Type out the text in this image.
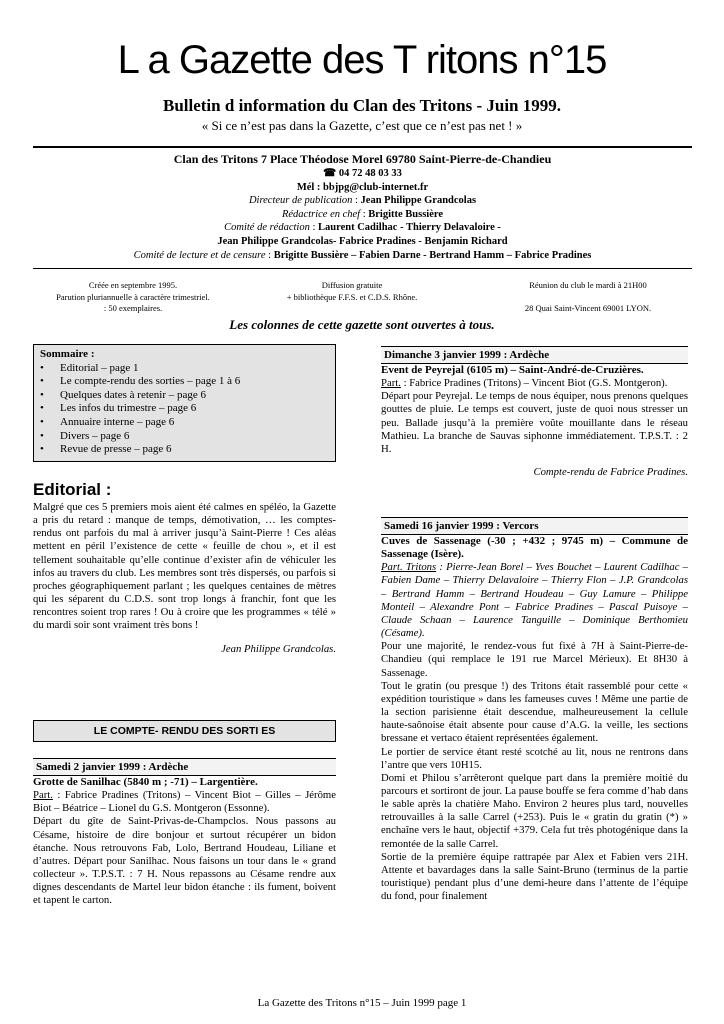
L a Gazette des T ritons n°15
Bulletin d information du Clan des Tritons - Juin 1999.
« Si ce n’est pas dans la Gazette, c’est que ce n’est pas net ! »
Clan des Tritons 7 Place Théodose Morel 69780 Saint-Pierre-de-Chandieu
☎ 04 72 48 03 33
Mél : bbjpg@club-internet.fr
Directeur de publication : Jean Philippe Grandcolas
Rédactrice en chef : Brigitte Bussière
Comité de rédaction : Laurent Cadilhac - Thierry Delavaloire -
Jean Philippe Grandcolas- Fabrice Pradines - Benjamin Richard
Comité de lecture et de censure : Brigitte Bussière – Fabien Darne - Bertrand Hamm – Fabrice Pradines
Créée en septembre 1995.
Parution pluriannuelle à caractère trimestriel.
: 50 exemplaires.
Diffusion gratuite
+ bibliothèque F.F.S. et C.D.S. Rhône.
Réunion du club le mardi à 21H00
28 Quai Saint-Vincent 69001 LYON.
Les colonnes de cette gazette sont ouvertes à tous.
Sommaire :
• Editorial – page 1
• Le compte-rendu des sorties – page 1 à 6
• Quelques dates à retenir – page 6
• Les infos du trimestre – page 6
• Annuaire interne – page 6
• Divers – page 6
• Revue de presse – page 6
Editorial :

Malgré que ces 5 premiers mois aient été calmes en spéléo, la Gazette a pris du retard : manque de temps, démotivation, … les comptes-rendus ont parfois du mal à arriver jusqu’à Saint-Pierre ! Ces aléas mettent en péril l’existence de cette « feuille de chou », et il est tellement souhaitable qu’elle continue d’exister afin de véhiculer les infos au travers du club. Les membres sont très dispersés, ou parfois si proches géographiquement parlant ; les quelques centaines de mètres qui les séparent du C.D.S. sont trop longs à franchir, font que les rencontres soient trop rares ! Ou à croire que les programmes « télé » du mardi soir sont vraiment très bons !

Jean Philippe Grandcolas.

LE COMPTE- RENDU DES SORTI ES
Samedi 2 janvier 1999 : Ardèche
Grotte de Sanilhac (5840 m ; -71) – Largentière.

Part. : Fabrice Pradines (Tritons) – Vincent Biot – Gilles – Jérôme Biot – Béatrice – Lionel du G.S. Montgeron (Essonne).

Départ du gîte de Saint-Privas-de-Champclos. Nous passons au Césame, histoire de dire bonjour et surtout récupérer un bidon étanche. Nous retrouvons Fab, Lolo, Bertrand Houdeau, Liliane et d’autres. Départ pour Sanilhac. Nous faisons un tour dans le « grand collecteur ». T.P.S.T. : 7 H. Nous repassons au Césame rendre aux dignes descendants de Martel leur bidon étanche : ils fument, boivent et tapent le carton.

Dimanche 3 janvier 1999 : Ardèche
Event de Peyrejal (6105 m) – Saint-André-de-Cruzières.

Part. : Fabrice Pradines (Tritons) – Vincent Biot (G.S. Montgeron).

Départ pour Peyrejal. Le temps de nous équiper, nous prenons quelques gouttes de pluie. Le temps est couvert, juste de quoi nous stresser un peu. Ballade jusqu’à la première voûte mouillante dans le réseau Mathieu. La branche de Sauvas siphonne immédiatement. T.P.S.T. : 2 H.

Compte-rendu de Fabrice Pradines.

Samedi 16 janvier 1999 : Vercors
Cuves de Sassenage (-30 ; +432 ; 9745 m) – Commune de Sassenage (Isère).

Part. Tritons : Pierre-Jean Borel – Yves Bouchet – Laurent Cadilhac – Fabien Dame – Thierry Delavaloire – Thierry Flon – J.P. Grandcolas – Bertrand Hamm – Bertrand Houdeau – Guy Lamure – Philippe Monteil – Alexandre Pont – Fabrice Pradines – Pascal Puisoye – Claude Schaan – Laurence Tanguille – Dominique Berthomieu (Césame).

Pour une majorité, le rendez-vous fut fixé à 7H à Saint-Pierre-de-Chandieu (qui remplace le 191 rue Marcel Mérieux). Et 8H30 à Sassenage.

Tout le gratin (ou presque !) des Tritons était rassemblé pour cette « expédition touristique » dans les fameuses cuves ! Même une partie de la section parisienne était descendue, malheureusement la cellule haute-saônoise était absente pour cause d’A.G. la veille, les sections bressane et vertaco étaient représentées également.

Le portier de service étant resté scotché au lit, nous ne rentrons dans l’antre que vers 10H15.

Domi et Philou s’arrêteront quelque part dans la première moitié du parcours et sortiront de jour. La pause bouffe se fera comme d’hab dans le sable après la chatière Maho. Environ 2 heures plus tard, nouvelles retrouvailles à la salle Carrel (+253). Puis le « gratin du gratin (*) » enchaîne vers le haut, objectif +379. Cela fut très photogénique dans la remontée de la salle Carrel.

Sortie de la première équipe rattrapée par Alex et Fabien vers 21H. Attente et bavardages dans la salle Saint-Bruno (terminus de la partie touristique) pendant plus d’une demi-heure dans l’attente de l’équipe du fond, pour finalement

La Gazette des Tritons n°15 – Juin 1999 page 1
